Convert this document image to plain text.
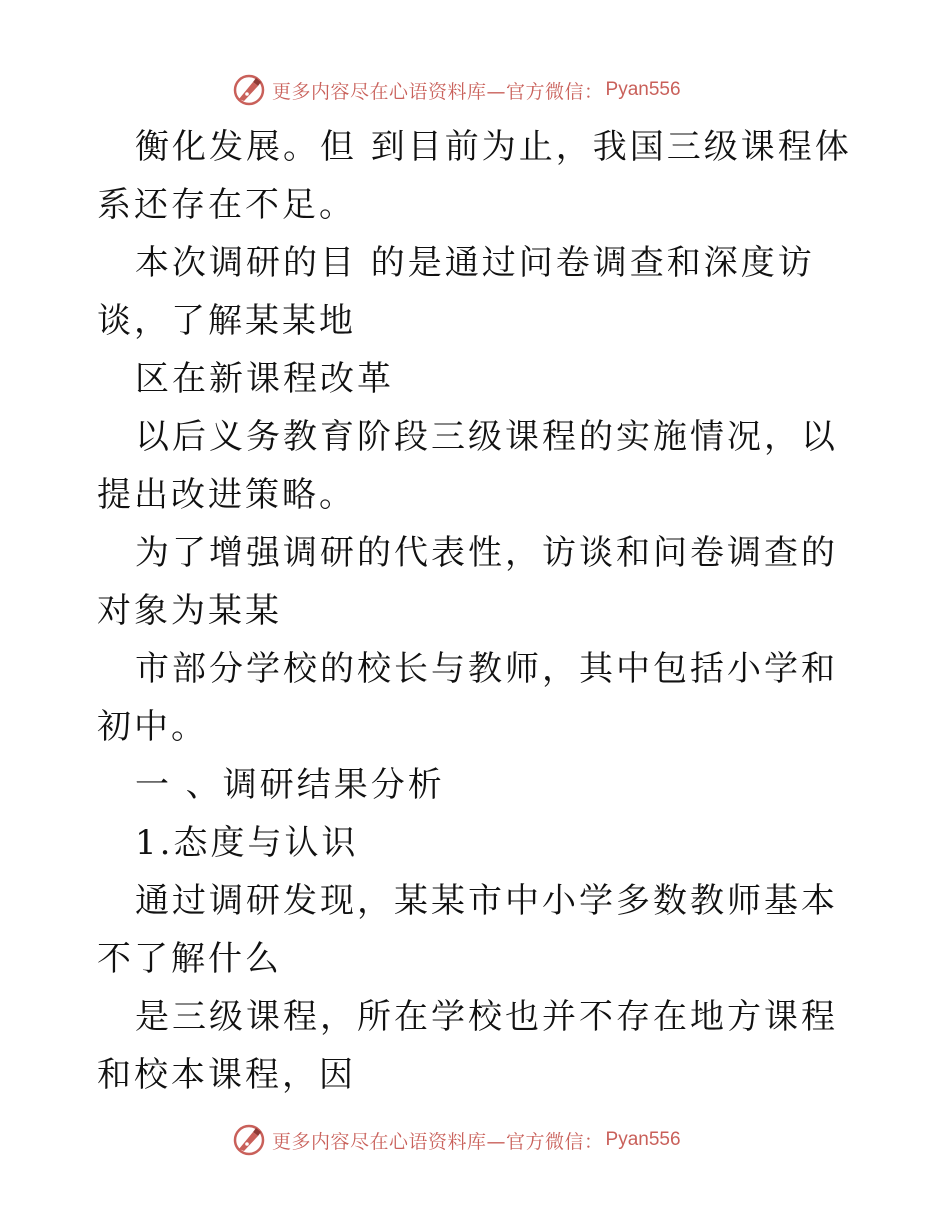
更多内容尽在心语资料库—官方微信： Pyan556

衡化发展。但 到目前为止，我国三级课程体系还存在不足。

本次调研的目 的是通过问卷调查和深度访谈，了解某某地

区在新课程改革

以后义务教育阶段三级课程的实施情况，以提出改进策略。

为了增强调研的代表性，访谈和问卷调查的对象为某某

市部分学校的校长与教师，其中包括小学和初中。

一 、调研结果分析

1.态度与认识

通过调研发现，某某市中小学多数教师基本不了解什么

是三级课程，所在学校也并不存在地方课程和校本课程，因

更多内容尽在心语资料库—官方微信： Pyan556
